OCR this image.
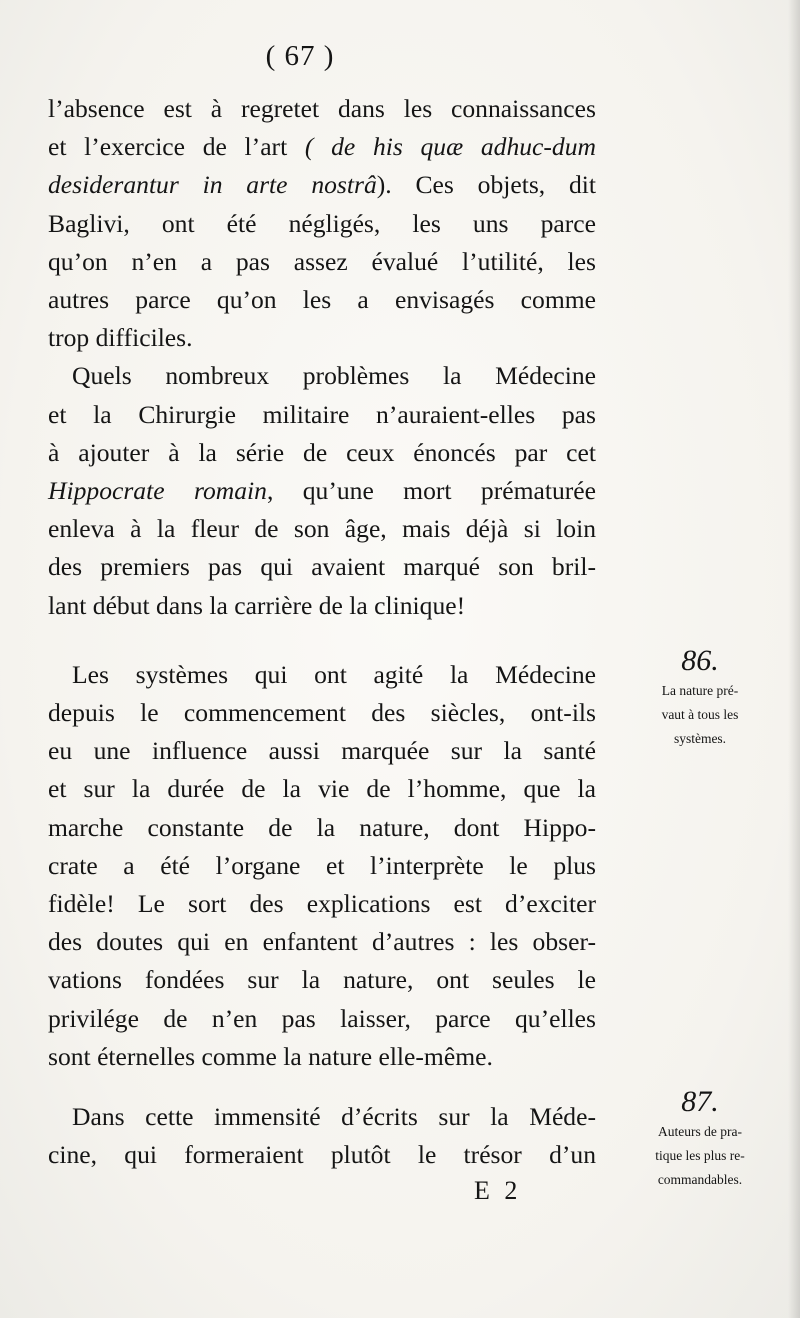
( 67 )

l’absence est à regretet dans les connaissances
et l’exercice de l’art ( de his quæ adhuc-dum
desiderantur in arte nostrâ). Ces objets, dit
Baglivi, ont été négligés, les uns parce
qu’on n’en a pas assez évalué l’utilité, les
autres parce qu’on les a envisagés comme
trop difficiles.

Quels nombreux problèmes la Médecine
et la Chirurgie militaire n’auraient-elles pas
à ajouter à la série de ceux énoncés par cet
Hippocrate romain, qu’une mort prématurée
enleva à la fleur de son âge, mais déjà si loin
des premiers pas qui avaient marqué son bril-
lant début dans la carrière de la clinique!

Les systèmes qui ont agité la Médecine
depuis le commencement des siècles, ont-ils
eu une influence aussi marquée sur la santé
et sur la durée de la vie de l’homme, que la
marche constante de la nature, dont Hippo-
crate a été l’organe et l’interprète le plus
fidèle! Le sort des explications est d’exciter
des doutes qui en enfantent d’autres : les obser-
vations fondées sur la nature, ont seules le
privilége de n’en pas laisser, parce qu’elles
sont éternelles comme la nature elle-même.

Dans cette immensité d’écrits sur la Méde-
cine, qui formeraient plutôt le trésor d’un

86.
La nature pré-
vaut à tous les
systèmes.
87.
Auteurs de pra-
tique les plus re-
commandables.
E 2
